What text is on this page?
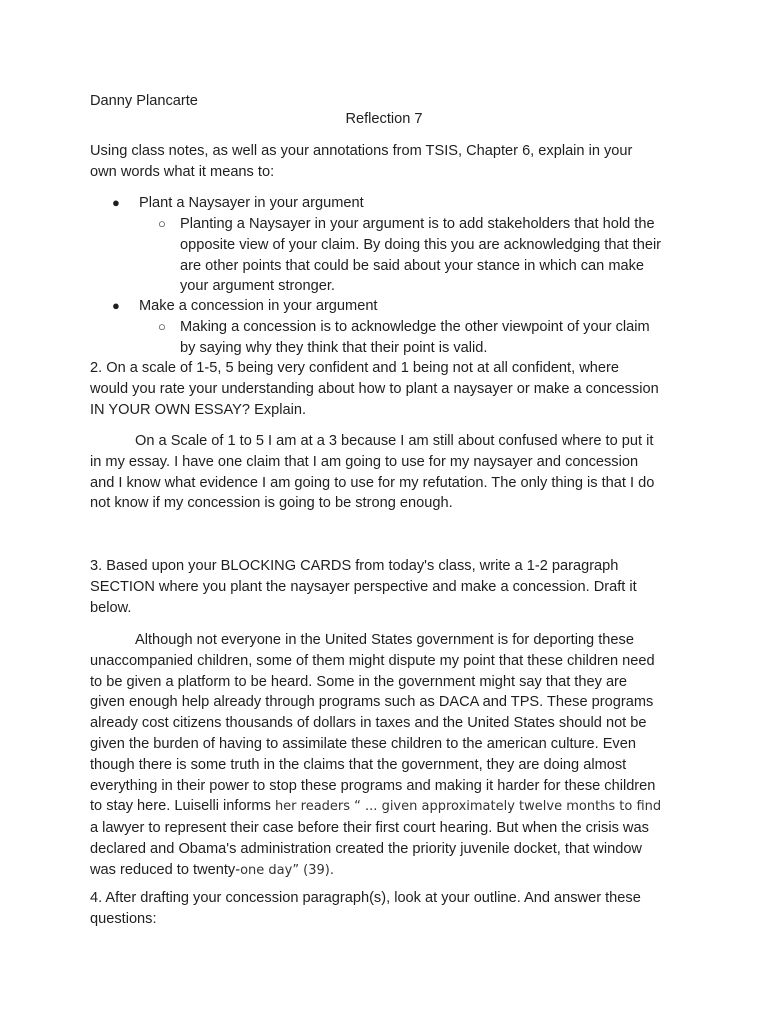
Danny Plancarte

Reflection 7

Using class notes, as well as your annotations from TSIS, Chapter 6, explain in your
own words what it means to:
● Plant a Naysayer in your argument
○ Planting a Naysayer in your argument is to add stakeholders that hold the
opposite view of your claim. By doing this you are acknowledging that their
are other points that could be said about your stance in which can make
your argument stronger.
● Make a concession in your argument
○ Making a concession is to acknowledge the other viewpoint of your claim
by saying why they think that their point is valid.
2. On a scale of 1-5, 5 being very confident and 1 being not at all confident, where
would you rate your understanding about how to plant a naysayer or make a concession
IN YOUR OWN ESSAY? Explain.
On a Scale of 1 to 5 I am at a 3 because I am still about confused where to put it
in my essay. I have one claim that I am going to use for my naysayer and concession
and I know what evidence I am going to use for my refutation. The only thing is that I do
not know if my concession is going to be strong enough.
3. Based upon your BLOCKING CARDS from today's class, write a 1-2 paragraph
SECTION where you plant the naysayer perspective and make a concession. Draft it
below.
Although not everyone in the United States government is for deporting these
unaccompanied children, some of them might dispute my point that these children need
to be given a platform to be heard. Some in the government might say that they are
given enough help already through programs such as DACA and TPS. These programs
already cost citizens thousands of dollars in taxes and the United States should not be
given the burden of having to assimilate these children to the american culture. Even
though there is some truth in the claims that the government, they are doing almost
everything in their power to stop these programs and making it harder for these children
to stay here. Luiselli informs her readers “ ... given approximately twelve months to find
a lawyer to represent their case before their first court hearing. But when the crisis was
declared and Obama's administration created the priority juvenile docket, that window
was reduced to twenty-one day” (39).
4. After drafting your concession paragraph(s), look at your outline. And answer these
questions:
